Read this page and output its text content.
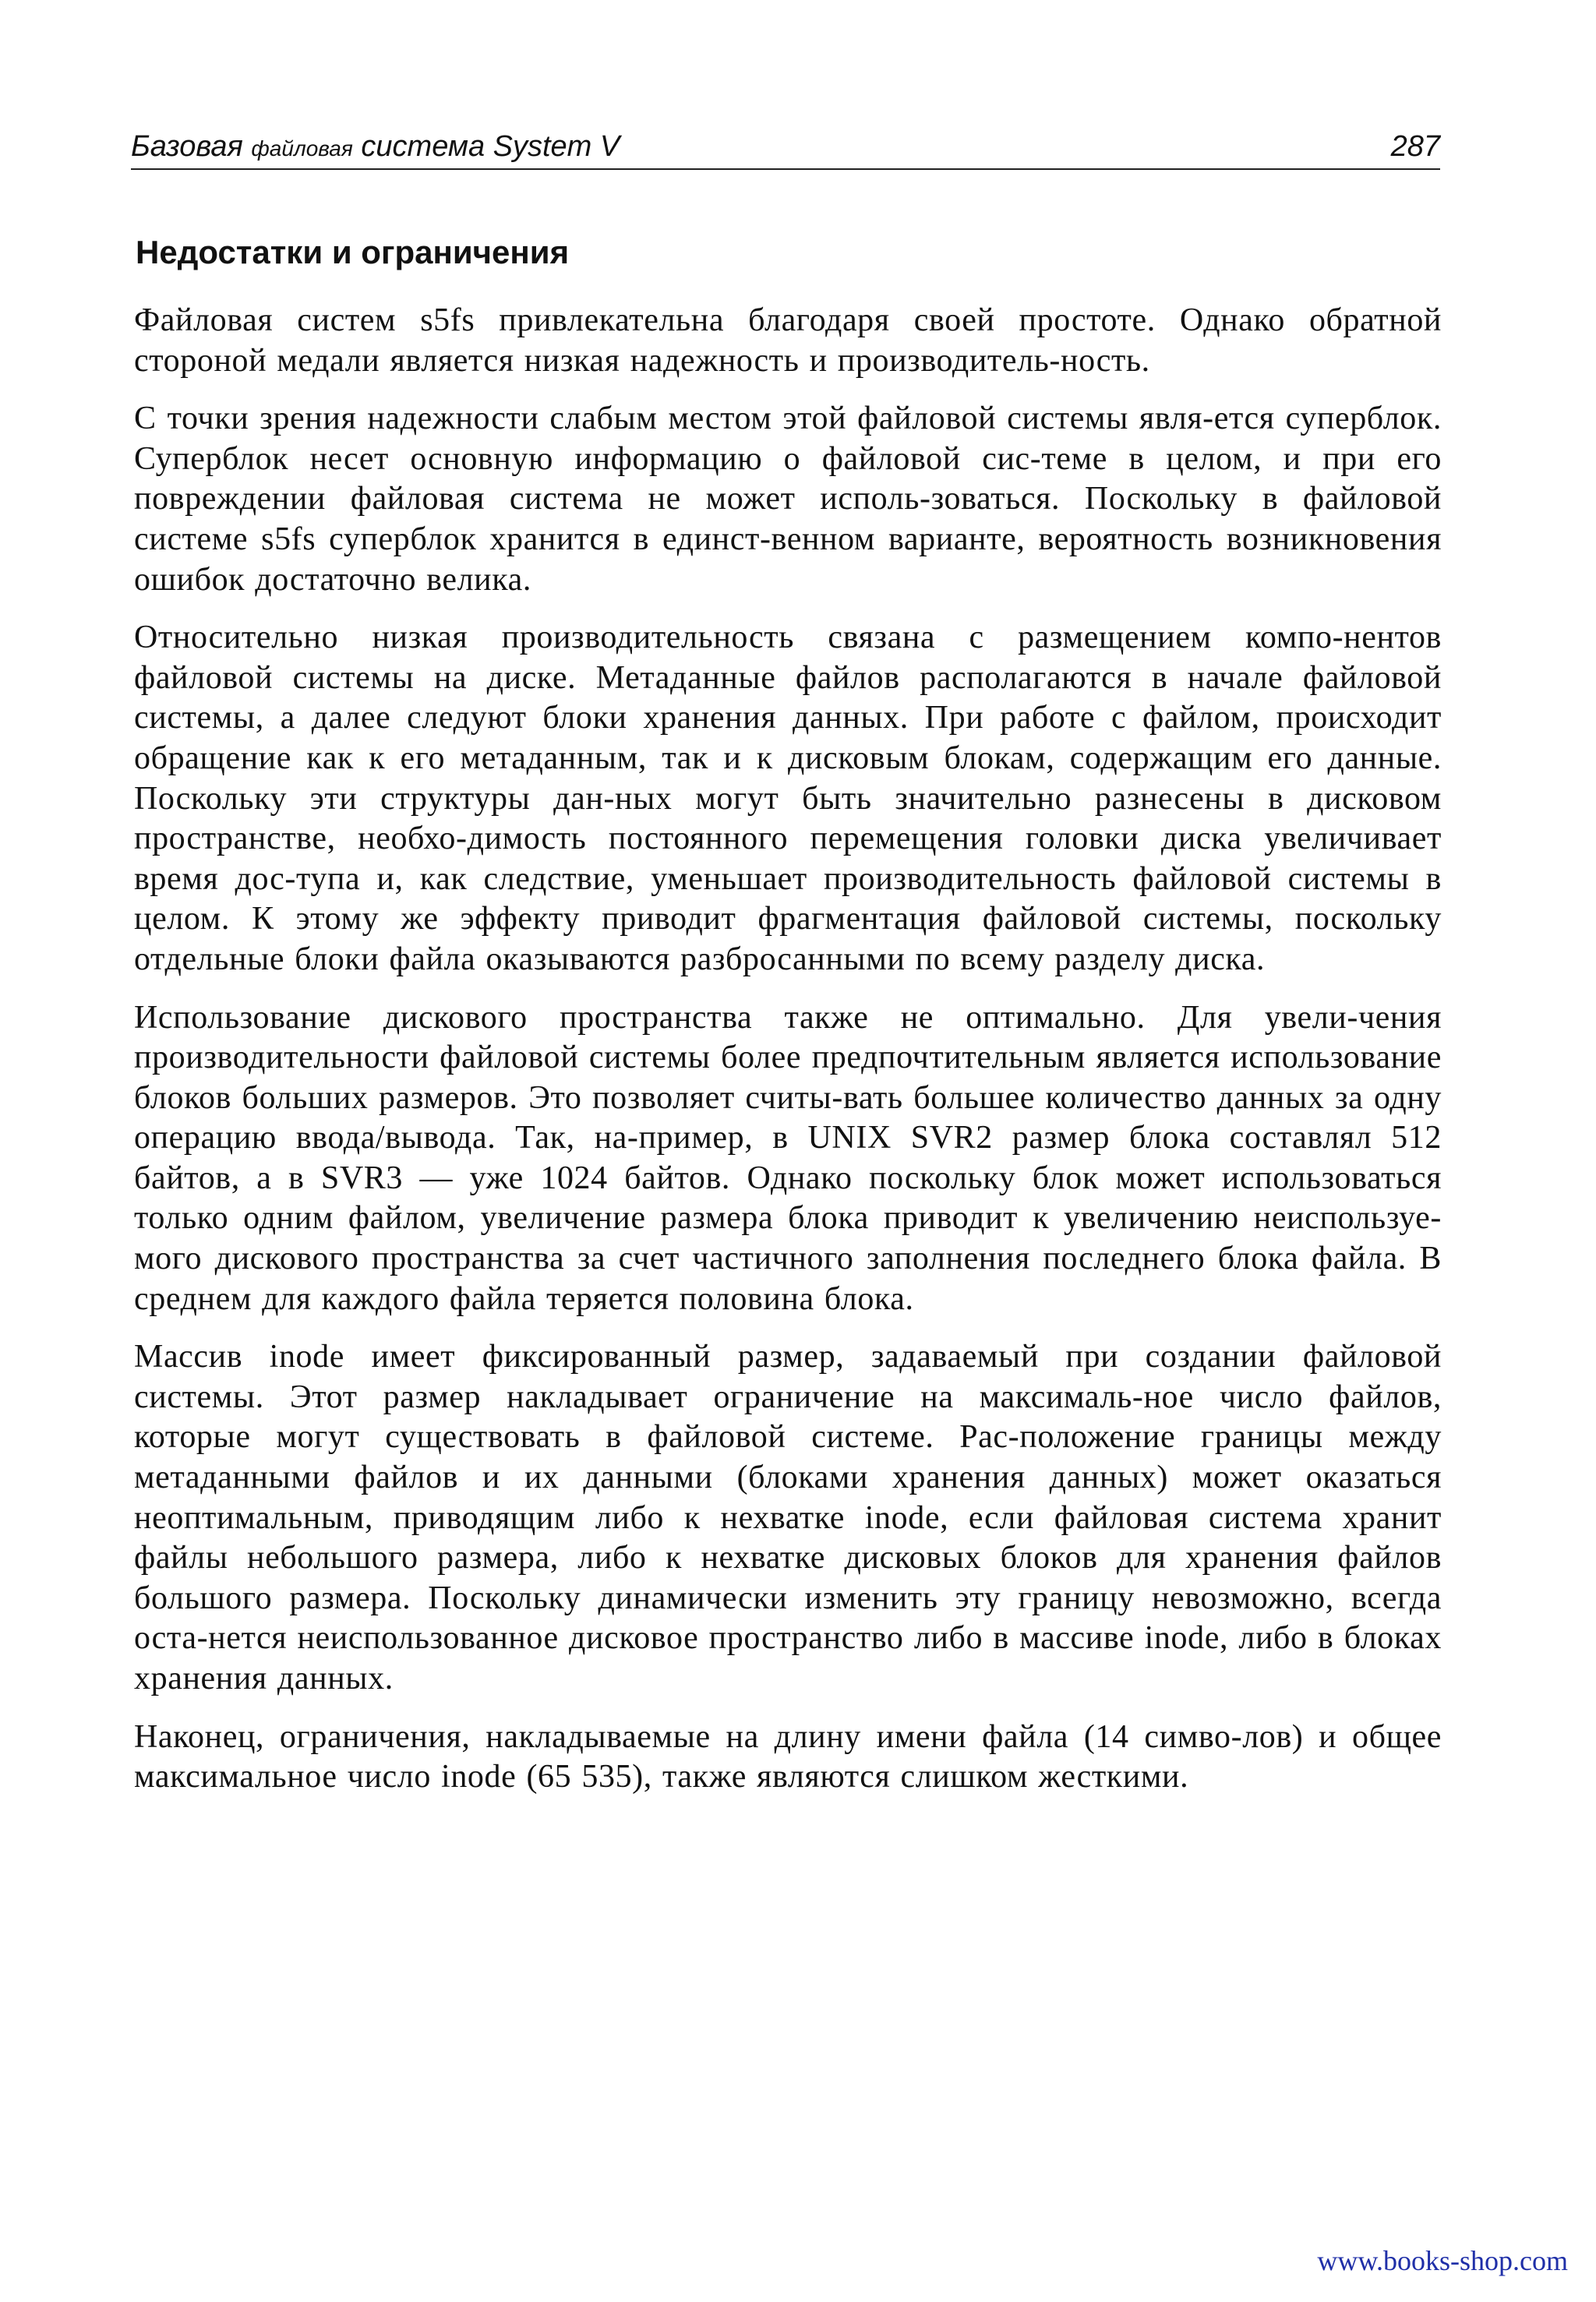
Базовая файловая система System V	287
Недостатки и ограничения

Файловая систем s5fs привлекательна благодаря своей простоте. Однако обратной стороной медали является низкая надежность и производитель-ность.

С точки зрения надежности слабым местом этой файловой системы явля-ется суперблок. Суперблок несет основную информацию о файловой сис-теме в целом, и при его повреждении файловая система не может исполь-зоваться. Поскольку в файловой системе s5fs суперблок хранится в единст-венном варианте, вероятность возникновения ошибок достаточно велика.

Относительно низкая производительность связана с размещением компо-нентов файловой системы на диске. Метаданные файлов располагаются в начале файловой системы, а далее следуют блоки хранения данных. При работе с файлом, происходит обращение как к его метаданным, так и к дисковым блокам, содержащим его данные. Поскольку эти структуры дан-ных могут быть значительно разнесены в дисковом пространстве, необхо-димость постоянного перемещения головки диска увеличивает время дос-тупа и, как следствие, уменьшает производительность файловой системы в целом. К этому же эффекту приводит фрагментация файловой системы, поскольку отдельные блоки файла оказываются разбросанными по всему разделу диска.

Использование дискового пространства также не оптимально. Для увели-чения производительности файловой системы более предпочтительным является использование блоков больших размеров. Это позволяет считы-вать большее количество данных за одну операцию ввода/вывода. Так, на-пример, в UNIX SVR2 размер блока составлял 512 байтов, а в SVR3 — уже 1024 байтов. Однако поскольку блок может использоваться только одним файлом, увеличение размера блока приводит к увеличению неиспользуе-мого дискового пространства за счет частичного заполнения последнего блока файла. В среднем для каждого файла теряется половина блока.

Массив inode имеет фиксированный размер, задаваемый при создании файловой системы. Этот размер накладывает ограничение на максималь-ное число файлов, которые могут существовать в файловой системе. Рас-положение границы между метаданными файлов и их данными (блоками хранения данных) может оказаться неоптимальным, приводящим либо к нехватке inode, если файловая система хранит файлы небольшого размера, либо к нехватке дисковых блоков для хранения файлов большого размера. Поскольку динамически изменить эту границу невозможно, всегда оста-нется неиспользованное дисковое пространство либо в массиве inode, либо в блоках хранения данных.

Наконец, ограничения, накладываемые на длину имени файла (14 симво-лов) и общее максимальное число inode (65 535), также являются слишком жесткими.

www.books-shop.com
